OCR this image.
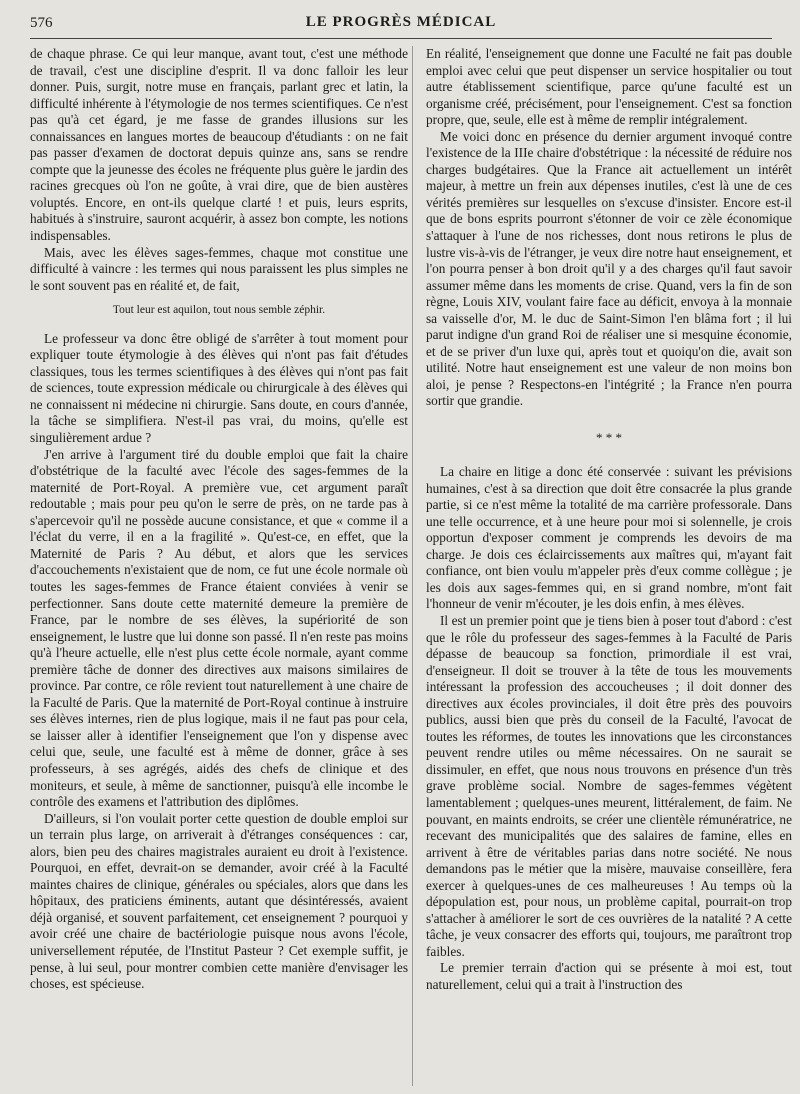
576	LE PROGRÈS MÉDICAL

de chaque phrase. Ce qui leur manque, avant tout, c'est une méthode de travail, c'est une discipline d'esprit. Il va donc falloir les leur donner. Puis, surgit, notre muse en français, parlant grec et latin, la difficulté inhérente à l'étymologie de nos termes scientifiques. Ce n'est pas qu'à cet égard, je me fasse de grandes illusions sur les connaissances en langues mortes de beaucoup d'étudiants : on ne fait pas passer d'examen de doctorat depuis quinze ans, sans se rendre compte que la jeunesse des écoles ne fréquente plus guère le jardin des racines grecques où l'on ne goûte, à vrai dire, que de bien austères voluptés. Encore, en ont-ils quelque clarté ! et puis, leurs esprits, habitués à s'instruire, sauront acquérir, à assez bon compte, les notions indispensables.

Mais, avec les élèves sages-femmes, chaque mot constitue une difficulté à vaincre : les termes qui nous paraissent les plus simples ne le sont souvent pas en réalité et, de fait,

Tout leur est aquilon, tout nous semble zéphir.

Le professeur va donc être obligé de s'arrêter à tout moment pour expliquer toute étymologie à des élèves qui n'ont pas fait d'études classiques, tous les termes scientifiques à des élèves qui n'ont pas fait de sciences, toute expression médicale ou chirurgicale à des élèves qui ne connaissent ni médecine ni chirurgie. Sans doute, en cours d'année, la tâche se simplifiera. N'est-il pas vrai, du moins, qu'elle est singulièrement ardue ?

J'en arrive à l'argument tiré du double emploi que fait la chaire d'obstétrique de la faculté avec l'école des sages-femmes de la maternité de Port-Royal. A première vue, cet argument paraît redoutable ; mais pour peu qu'on le serre de près, on ne tarde pas à s'apercevoir qu'il ne possède aucune consistance, et que « comme il a l'éclat du verre, il en a la fragilité ». Qu'est-ce, en effet, que la Maternité de Paris ? Au début, et alors que les services d'accouchements n'existaient que de nom, ce fut une école normale où toutes les sages-femmes de France étaient conviées à venir se perfectionner. Sans doute cette maternité demeure la première de France, par le nombre de ses élèves, la supériorité de son enseignement, le lustre que lui donne son passé. Il n'en reste pas moins qu'à l'heure actuelle, elle n'est plus cette école normale, ayant comme première tâche de donner des directives aux maisons similaires de province. Par contre, ce rôle revient tout naturellement à une chaire de la Faculté de Paris. Que la maternité de Port-Royal continue à instruire ses élèves internes, rien de plus logique, mais il ne faut pas pour cela, se laisser aller à identifier l'enseignement que l'on y dispense avec celui que, seule, une faculté est à même de donner, grâce à ses professeurs, à ses agrégés, aidés des chefs de clinique et des moniteurs, et seule, à même de sanctionner, puisqu'à elle incombe le contrôle des examens et l'attribution des diplômes.

D'ailleurs, si l'on voulait porter cette question de double emploi sur un terrain plus large, on arriverait à d'étranges conséquences : car, alors, bien peu des chaires magistrales auraient eu droit à l'existence. Pourquoi, en effet, devrait-on se demander, avoir créé à la Faculté maintes chaires de clinique, générales ou spéciales, alors que dans les hôpitaux, des praticiens éminents, autant que désintéressés, avaient déjà organisé, et souvent parfaitement, cet enseignement ? pourquoi y avoir créé une chaire de bactériologie puisque nous avons l'école, universellement réputée, de l'Institut Pasteur ? Cet exemple suffit, je pense, à lui seul, pour montrer combien cette manière d'envisager les choses, est spécieuse.

En réalité, l'enseignement que donne une Faculté ne fait pas double emploi avec celui que peut dispenser un service hospitalier ou tout autre établissement scientifique, parce qu'une faculté est un organisme créé, précisément, pour l'enseignement. C'est sa fonction propre, que, seule, elle est à même de remplir intégralement.

Me voici donc en présence du dernier argument invoqué contre l'existence de la IIIe chaire d'obstétrique : la nécessité de réduire nos charges budgétaires. Que la France ait actuellement un intérêt majeur, à mettre un frein aux dépenses inutiles, c'est là une de ces vérités premières sur lesquelles on s'excuse d'insister. Encore est-il que de bons esprits pourront s'étonner de voir ce zèle économique s'attaquer à l'une de nos richesses, dont nous retirons le plus de lustre vis-à-vis de l'étranger, je veux dire notre haut enseignement, et l'on pourra penser à bon droit qu'il y a des charges qu'il faut savoir assumer même dans les moments de crise. Quand, vers la fin de son règne, Louis XIV, voulant faire face au déficit, envoya à la monnaie sa vaisselle d'or, M. le duc de Saint-Simon l'en blâma fort ; il lui parut indigne d'un grand Roi de réaliser une si mesquine économie, et de se priver d'un luxe qui, après tout et quoiqu'on die, avait son utilité. Notre haut enseignement est une valeur de non moins bon aloi, je pense ? Respectons-en l'intégrité ; la France n'en pourra sortir que grandie.

* * *

La chaire en litige a donc été conservée : suivant les prévisions humaines, c'est à sa direction que doit être consacrée la plus grande partie, si ce n'est même la totalité de ma carrière professorale. Dans une telle occurrence, et à une heure pour moi si solennelle, je crois opportun d'exposer comment je comprends les devoirs de ma charge. Je dois ces éclaircissements aux maîtres qui, m'ayant fait confiance, ont bien voulu m'appeler près d'eux comme collègue ; je les dois aux sages-femmes qui, en si grand nombre, m'ont fait l'honneur de venir m'écouter, je les dois enfin, à mes élèves.

Il est un premier point que je tiens bien à poser tout d'abord : c'est que le rôle du professeur des sages-femmes à la Faculté de Paris dépasse de beaucoup sa fonction, primordiale il est vrai, d'enseigneur. Il doit se trouver à la tête de tous les mouvements intéressant la profession des accoucheuses ; il doit donner des directives aux écoles provinciales, il doit être près des pouvoirs publics, aussi bien que près du conseil de la Faculté, l'avocat de toutes les réformes, de toutes les innovations que les circonstances peuvent rendre utiles ou même nécessaires. On ne saurait se dissimuler, en effet, que nous nous trouvons en présence d'un très grave problème social. Nombre de sages-femmes végètent lamentablement ; quelques-unes meurent, littéralement, de faim. Ne pouvant, en maints endroits, se créer une clientèle rémunératrice, ne recevant des municipalités que des salaires de famine, elles en arrivent à être de véritables parias dans notre société. Ne nous demandons pas le métier que la misère, mauvaise conseillère, fera exercer à quelques-unes de ces malheureuses ! Au temps où la dépopulation est, pour nous, un problème capital, pourrait-on trop s'attacher à améliorer le sort de ces ouvrières de la natalité ? A cette tâche, je veux consacrer des efforts qui, toujours, me paraîtront trop faibles.

Le premier terrain d'action qui se présente à moi est, tout naturellement, celui qui a trait à l'instruction des
